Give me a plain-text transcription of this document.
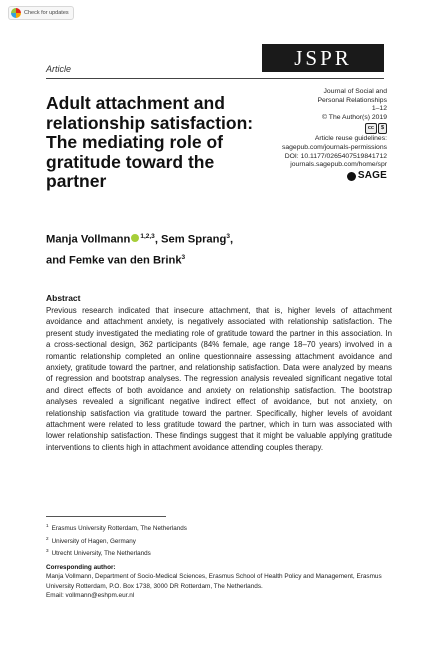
Check for updates
Article	JSPR
Adult attachment and relationship satisfaction: The mediating role of gratitude toward the partner
Journal of Social and
Personal Relationships
1–12
© The Author(s) 2019
cc	$
Article reuse guidelines:
sagepub.com/journals-permissions
DOI: 10.1177/0265407519841712
journals.sagepub.com/home/spr
SAGE
Manja Vollmann $^{1,2,3}$, Sem Sprang$^3$,
and Femke van den Brink$^3$
Abstract
Previous research indicated that insecure attachment, that is, higher levels of attachment avoidance and attachment anxiety, is negatively associated with relationship satisfaction. The present study investigated the mediating role of gratitude toward the partner in this association. In a cross-sectional design, 362 participants (84% female, age range 18–70 years) involved in a romantic relationship completed an online questionnaire assessing attachment avoidance and anxiety, gratitude toward the partner, and relationship satisfaction. Data were analyzed by means of regression and bootstrap analyses. The regression analysis revealed significant negative total and direct effects of both avoidance and anxiety on relationship satisfaction. The bootstrap analyses revealed a significant negative indirect effect of avoidance, but not anxiety, on relationship satisfaction via gratitude toward the partner. Specifically, higher levels of avoidant attachment were related to less gratitude toward the partner, which in turn was associated with lower relationship satisfaction. These findings suggest that it might be valuable applying gratitude interventions to clients high in attachment avoidance attending couples therapy.
$^1$ Erasmus University Rotterdam, The Netherlands
$^2$ University of Hagen, Germany
$^3$ Utrecht University, The Netherlands
Corresponding author:
Manja Vollmann, Department of Socio-Medical Sciences, Erasmus School of Health Policy and Management, Erasmus University Rotterdam, P.O. Box 1738, 3000 DR Rotterdam, The Netherlands.
Email: vollmann@eshpm.eur.nl
